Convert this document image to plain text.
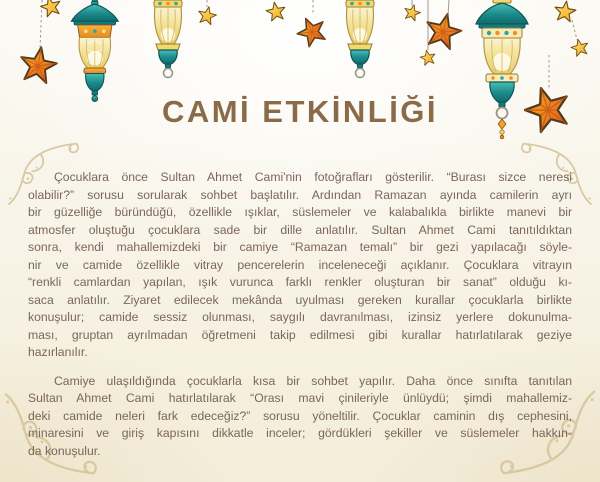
CAMİ ETKİNLİĞİ
Çocuklara önce Sultan Ahmet Cami'nin fotoğrafları gösterilir. “Burası sizce neresi
olabilir?” sorusu sorularak sohbet başlatılır. Ardından Ramazan ayında camilerin ayrı
bir güzelliğe büründüğü, özellikle ışıklar, süslemeler ve kalabalıkla birlikte manevi bir
atmosfer oluştuğu çocuklara sade bir dille anlatılır. Sultan Ahmet Cami tanıtıldıktan
sonra, kendi mahallemizdeki bir camiye “Ramazan temalı” bir gezi yapılacağı söyle-
nir ve camide özellikle vitray pencerelerin inceleneceği açıklanır. Çocuklara vitrayın
“renkli camlardan yapılan, ışık vurunca farklı renkler oluşturan bir sanat” olduğu kı-
saca anlatılır. Ziyaret edilecek mekânda uyulması gereken kurallar çocuklarla birlikte
konuşulur; camide sessiz olunması, saygılı davranılması, izinsiz yerlere dokunulma-
ması, gruptan ayrılmadan öğretmeni takip edilmesi gibi kurallar hatırlatılarak geziye
hazırlanılır.
Camiye ulaşıldığında çocuklarla kısa bir sohbet yapılır. Daha önce sınıfta tanıtılan
Sultan Ahmet Cami hatırlatılarak “Orası mavi çinileriyle ünlüydü; şimdi mahallemiz-
deki camide neleri fark edeceğiz?” sorusu yöneltilir. Çocuklar caminin dış cephesini,
minaresini ve giriş kapısını dikkatle inceler; gördükleri şekiller ve süslemeler hakkın-
da konuşulur.
